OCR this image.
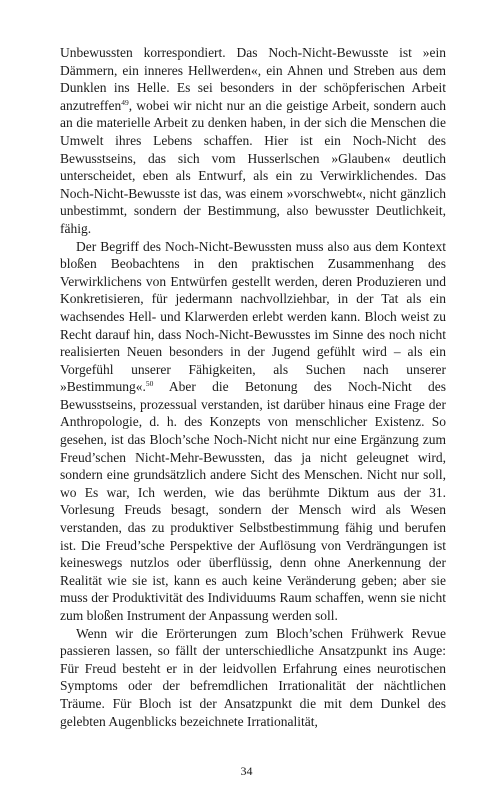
Unbewussten korrespondiert. Das Noch-Nicht-Bewusste ist »ein Dämmern, ein inneres Hellwerden«, ein Ahnen und Streben aus dem Dunklen ins Helle. Es sei besonders in der schöpferischen Arbeit anzutreffen$^{49}$, wobei wir nicht nur an die geistige Arbeit, sondern auch an die materielle Arbeit zu denken haben, in der sich die Menschen die Umwelt ihres Lebens schaffen. Hier ist ein Noch-Nicht des Bewusstseins, das sich vom Husserlschen »Glauben« deutlich unterscheidet, eben als Entwurf, als ein zu Verwirklichendes. Das Noch-Nicht-Bewusste ist das, was einem »vorschwebt«, nicht gänzlich unbestimmt, sondern der Bestimmung, also bewusster Deutlichkeit, fähig.

Der Begriff des Noch-Nicht-Bewussten muss also aus dem Kontext bloßen Beobachtens in den praktischen Zusammenhang des Verwirklichens von Entwürfen gestellt werden, deren Produzieren und Konkretisieren, für jedermann nachvollziehbar, in der Tat als ein wachsendes Hell- und Klarwerden erlebt werden kann. Bloch weist zu Recht darauf hin, dass Noch-Nicht-Bewusstes im Sinne des noch nicht realisierten Neuen besonders in der Jugend gefühlt wird – als ein Vorgefühl unserer Fähigkeiten, als Suchen nach unserer »Bestimmung«.$^{50}$ Aber die Betonung des Noch-Nicht des Bewusstseins, prozessual verstanden, ist darüber hinaus eine Frage der Anthropologie, d. h. des Konzepts von menschlicher Existenz. So gesehen, ist das Bloch’sche Noch-Nicht nicht nur eine Ergänzung zum Freud’schen Nicht-Mehr-Bewussten, das ja nicht geleugnet wird, sondern eine grundsätzlich andere Sicht des Menschen. Nicht nur soll, wo Es war, Ich werden, wie das berühmte Diktum aus der 31. Vorlesung Freuds besagt, sondern der Mensch wird als Wesen verstanden, das zu produktiver Selbstbestimmung fähig und berufen ist. Die Freud’sche Perspektive der Auflösung von Verdrängungen ist keineswegs nutzlos oder überflüssig, denn ohne Anerkennung der Realität wie sie ist, kann es auch keine Veränderung geben; aber sie muss der Produktivität des Individuums Raum schaffen, wenn sie nicht zum bloßen Instrument der Anpassung werden soll.

Wenn wir die Erörterungen zum Bloch’schen Frühwerk Revue passieren lassen, so fällt der unterschiedliche Ansatzpunkt ins Auge: Für Freud besteht er in der leidvollen Erfahrung eines neurotischen Symptoms oder der befremdlichen Irrationalität der nächtlichen Träume. Für Bloch ist der Ansatzpunkt die mit dem Dunkel des gelebten Augenblicks bezeichnete Irrationalität,

34
